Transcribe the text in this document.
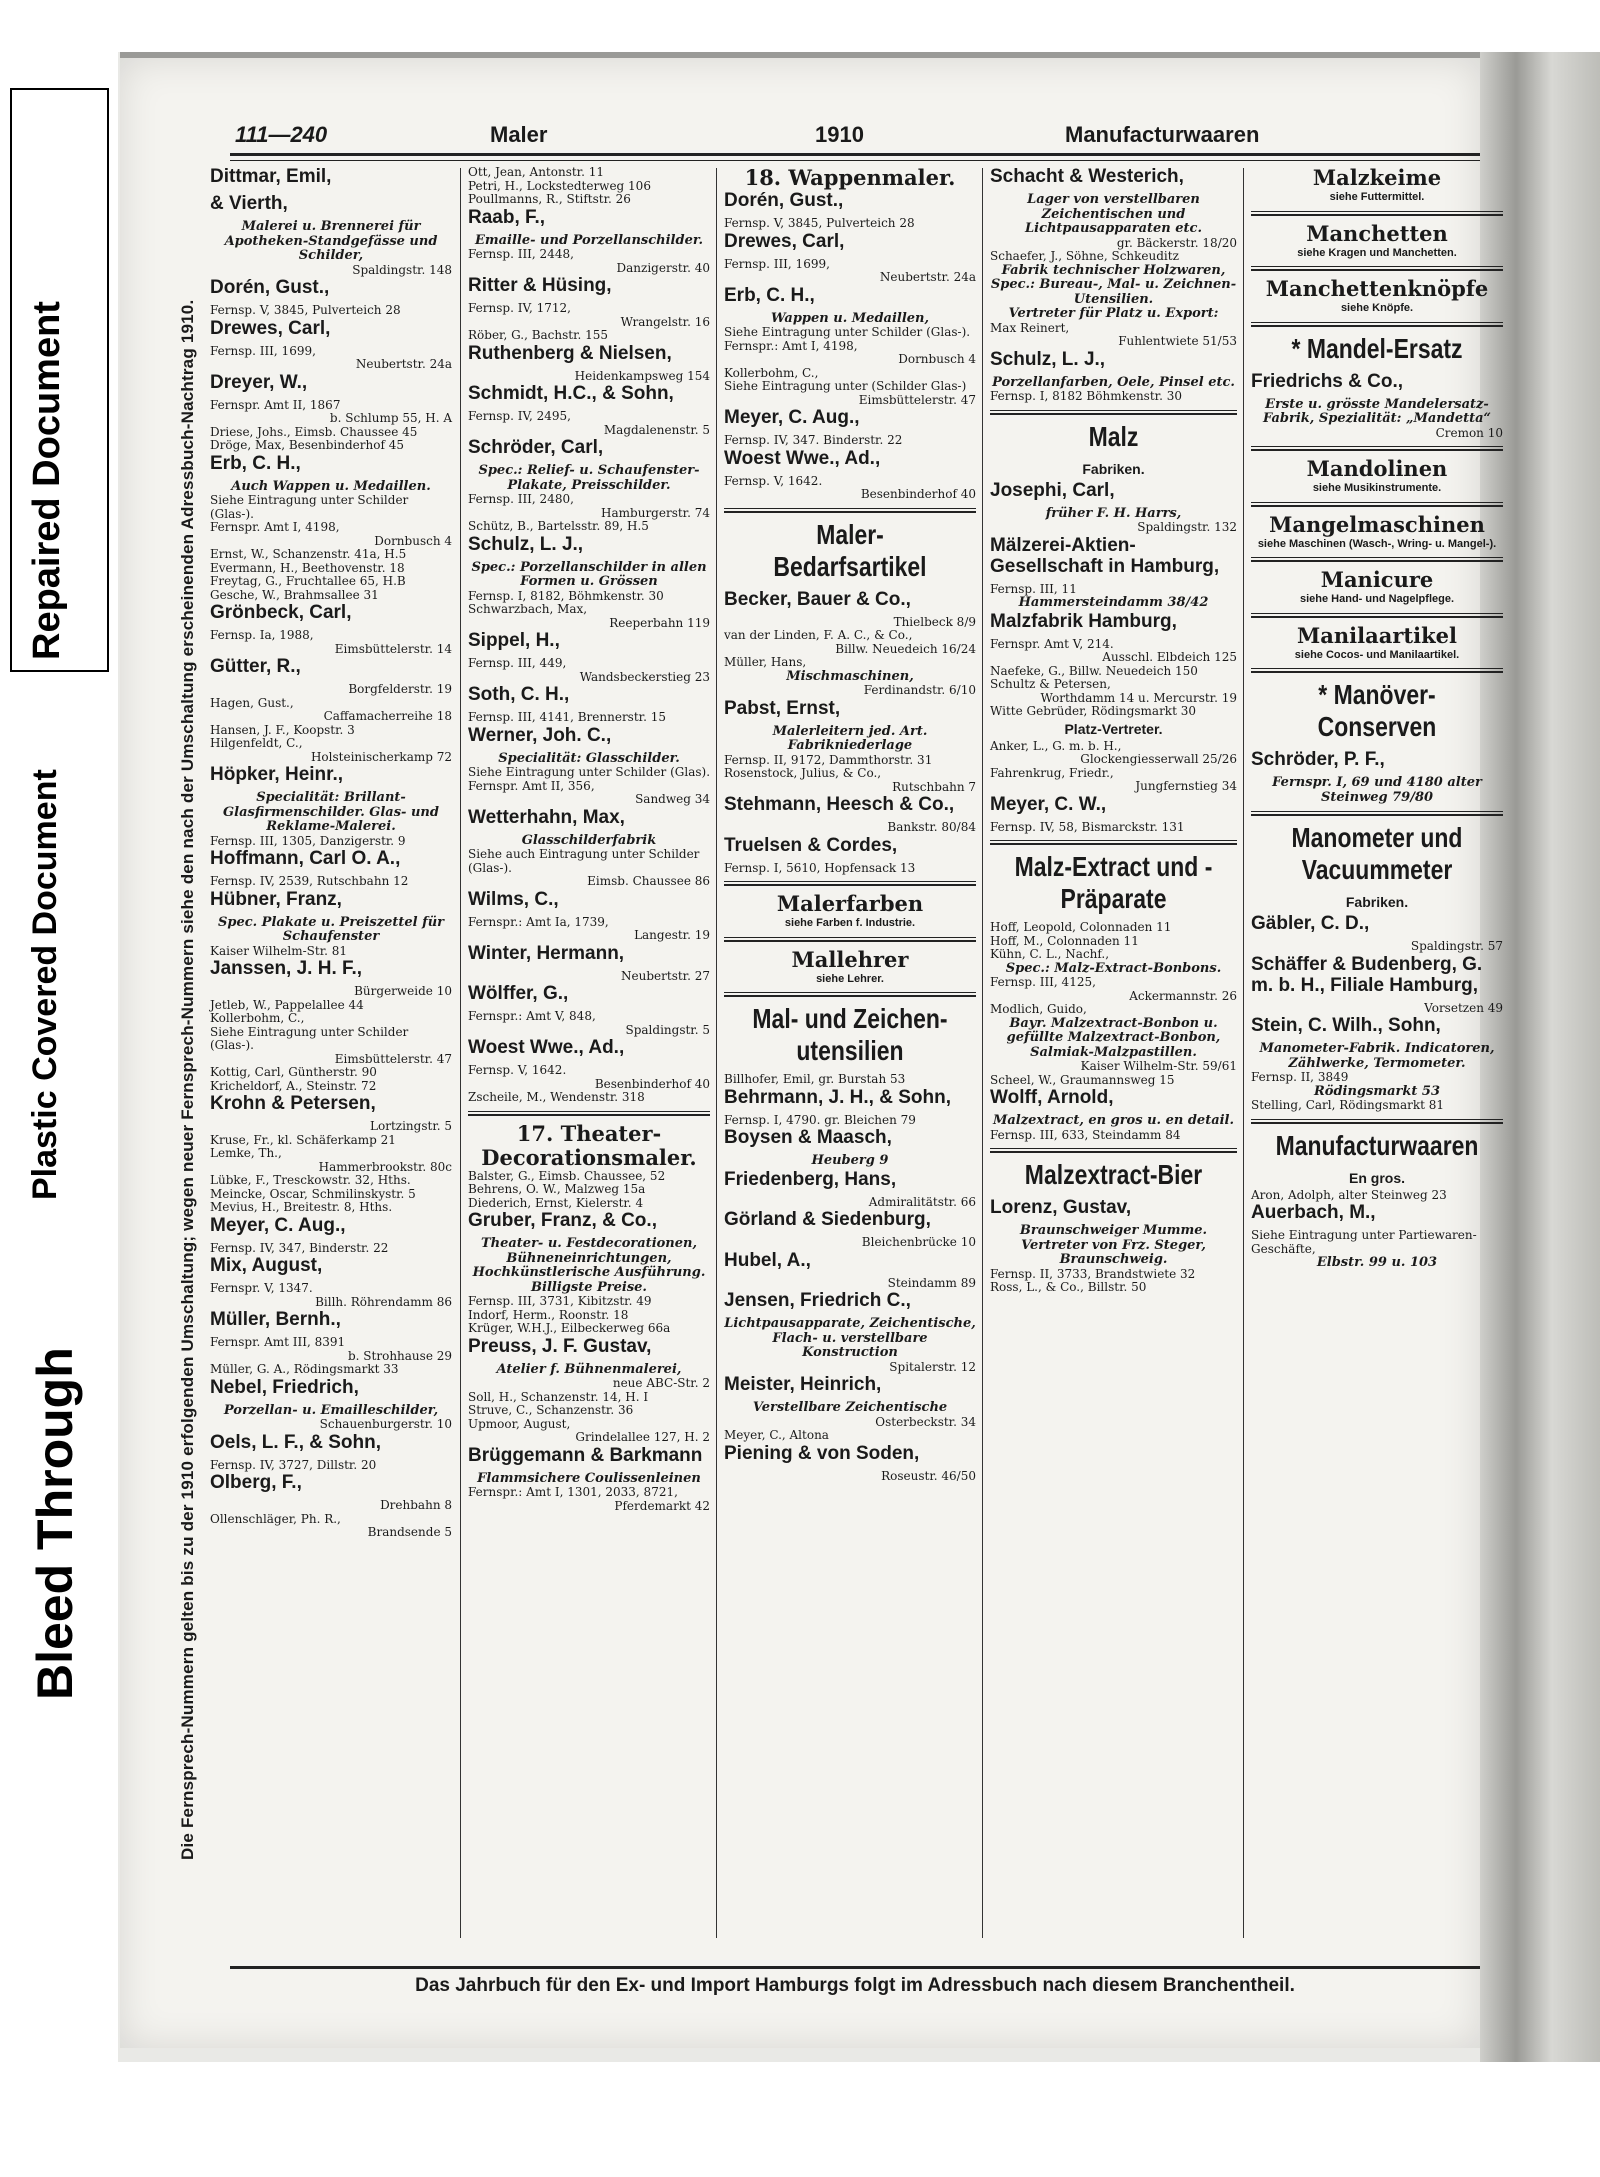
Repaired Document
Plastic Covered Document
Bleed Through
111—240	Maler	1910	Manufacturwaaren
Die Fernsprech-Nummern gelten bis zu der 1910 erfolgenden Umschaltung; wegen neuer Fernsprech-Nummern siehe den nach der Umschaltung erscheinenden Adressbuch-Nachtrag 1910.
Dittmar, Emil,
& Vierth,
Malerei u. Brennerei für Apotheken-Standgefässe und Schilder,
Spaldingstr. 148
Dorén, Gust.,
Fernsp. V, 3845, Pulverteich 28
Drewes, Carl,
Fernsp. III, 1699,
Neubertstr. 24a
Dreyer, W.,
Fernspr. Amt II, 1867
b. Schlump 55, H. A
Driese, Johs., Eimsb. Chaussee 45
Dröge, Max, Besenbinderhof 45
Erb, C. H.,
Auch Wappen u. Medaillen.
Siehe Eintragung unter Schilder (Glas-).
Fernspr. Amt I, 4198,
Dornbusch 4
Ernst, W., Schanzenstr. 41a, H.5
Evermann, H., Beethovenstr. 18
Freytag, G., Fruchtallee 65, H.B
Gesche, W., Brahmsallee 31
Grönbeck, Carl,
Fernsp. Ia, 1988,
Eimsbüttelerstr. 14
Gütter, R.,
Borgfelderstr. 19
Hagen, Gust.,
Caffamacherreihe 18
Hansen, J. F., Koopstr. 3
Hilgenfeldt, C.,
Holsteinischerkamp 72
Höpker, Heinr.,
Specialität: Brillant-Glasfirmenschilder. Glas- und Reklame-Malerei.
Fernsp. III, 1305, Danzigerstr. 9
Hoffmann, Carl O. A.,
Fernsp. IV, 2539, Rutschbahn 12
Hübner, Franz,
Spec. Plakate u. Preiszettel für Schaufenster
Kaiser Wilhelm-Str. 81
Janssen, J. H. F.,
Bürgerweide 10
Jetleb, W., Pappelallee 44
Kollerbohm, C.,
Siehe Eintragung unter Schilder (Glas-).
Eimsbüttelerstr. 47
Kottig, Carl, Güntherstr. 90
Kricheldorf, A., Steinstr. 72
Krohn & Petersen,
Lortzingstr. 5
Kruse, Fr., kl. Schäferkamp 21
Lemke, Th.,
Hammerbrookstr. 80c
Lübke, F., Tresckowstr. 32, Hths.
Meincke, Oscar, Schmilinskystr. 5
Mevius, H., Breitestr. 8, Hths.
Meyer, C. Aug.,
Fernsp. IV, 347, Binderstr. 22
Mix, August,
Fernspr. V, 1347.
Billh. Röhrendamm 86
Müller, Bernh.,
Fernspr. Amt III, 8391
b. Strohhause 29
Müller, G. A., Rödingsmarkt 33
Nebel, Friedrich,
Porzellan- u. Emailleschilder,
Schauenburgerstr. 10
Oels, L. F., & Sohn,
Fernsp. IV, 3727, Dillstr. 20
Olberg, F.,
Drehbahn 8
Ollenschläger, Ph. R.,
Brandsende 5
Ott, Jean, Antonstr. 11
Petri, H., Lockstedterweg 106
Poullmanns, R., Stiftstr. 26
Raab, F.,
Emaille- und Porzellanschilder.
Fernsp. III, 2448,
Danzigerstr. 40
Ritter & Hüsing,
Fernsp. IV, 1712,
Wrangelstr. 16
Röber, G., Bachstr. 155
Ruthenberg & Nielsen,
Heidenkampsweg 154
Schmidt, H.C., & Sohn,
Fernsp. IV, 2495,
Magdalenenstr. 5
Schröder, Carl,
Spec.: Relief- u. Schaufenster-Plakate, Preisschilder.
Fernsp. III, 2480,
Hamburgerstr. 74
Schütz, B., Bartelsstr. 89, H.5
Schulz, L. J.,
Spec.: Porzellanschilder in allen Formen u. Grössen
Fernsp. I, 8182, Böhmkenstr. 30
Schwarzbach, Max,
Reeperbahn 119
Sippel, H.,
Fernsp. III, 449,
Wandsbeckerstieg 23
Soth, C. H.,
Fernsp. III, 4141, Brennerstr. 15
Werner, Joh. C.,
Specialität: Glasschilder.
Siehe Eintragung unter Schilder (Glas).
Fernspr. Amt II, 356,
Sandweg 34
Wetterhahn, Max,
Glasschilderfabrik
Siehe auch Eintragung unter Schilder (Glas-).
Eimsb. Chaussee 86
Wilms, C.,
Fernspr.: Amt Ia, 1739,
Langestr. 19
Winter, Hermann,
Neubertstr. 27
Wölffer, G.,
Fernspr.: Amt V, 848,
Spaldingstr. 5
Woest Wwe., Ad.,
Fernsp. V, 1642.
Besenbinderhof 40
Zscheile, M., Wendenstr. 318
17. Theater- Decorationsmaler.
Balster, G., Eimsb. Chaussee, 52
Behrens, O. W., Malzweg 15a
Diederich, Ernst, Kielerstr. 4
Gruber, Franz, & Co.,
Theater- u. Festdecorationen, Bühneneinrichtungen, Hochkünstlerische Ausführung. Billigste Preise.
Fernsp. III, 3731, Kibitzstr. 49
Indorf, Herm., Roonstr. 18
Krüger, W.H.J., Eilbeckerweg 66a
Preuss, J. F. Gustav,
Atelier f. Bühnenmalerei,
neue ABC-Str. 2
Soll, H., Schanzenstr. 14, H. I
Struve, C., Schanzenstr. 36
Upmoor, August,
Grindelallee 127, H. 2
Brüggemann & Barkmann
Flammsichere Coulissenleinen
Fernspr.: Amt I, 1301, 2033, 8721,
Pferdemarkt 42
18. Wappenmaler.
Dorén, Gust.,
Fernsp. V, 3845, Pulverteich 28
Drewes, Carl,
Fernsp. III, 1699,
Neubertstr. 24a
Erb, C. H.,
Wappen u. Medaillen,
Siehe Eintragung unter Schilder (Glas-).
Fernspr.: Amt I, 4198,
Dornbusch 4
Kollerbohm, C.,
Siehe Eintragung unter (Schilder Glas-)
Eimsbüttelerstr. 47
Meyer, C. Aug.,
Fernsp. IV, 347. Binderstr. 22
Woest Wwe., Ad.,
Fernsp. V, 1642.
Besenbinderhof 40
Maler- Bedarfsartikel
Becker, Bauer & Co.,
Thielbeck 8/9
van der Linden, F. A. C., & Co.,
Billw. Neuedeich 16/24
Müller, Hans,
Mischmaschinen,
Ferdinandstr. 6/10
Pabst, Ernst,
Malerleitern jed. Art. Fabrikniederlage
Fernsp. II, 9172, Dammthorstr. 31
Rosenstock, Julius, & Co.,
Rutschbahn 7
Stehmann, Heesch & Co.,
Bankstr. 80/84
Truelsen & Cordes,
Fernsp. I, 5610, Hopfensack 13
Malerfarben
siehe Farben f. Industrie.
Mallehrer
siehe Lehrer.
Mal- und Zeichen- utensilien
Billhofer, Emil, gr. Burstah 53
Behrmann, J. H., & Sohn,
Fernsp. I, 4790. gr. Bleichen 79
Boysen & Maasch,
Heuberg 9
Friedenberg, Hans,
Admiralitätstr. 66
Görland & Siedenburg,
Bleichenbrücke 10
Hubel, A.,
Steindamm 89
Jensen, Friedrich C.,
Lichtpausapparate, Zeichentische, Flach- u. verstellbare Konstruction
Spitalerstr. 12
Meister, Heinrich,
Verstellbare Zeichentische
Osterbeckstr. 34
Meyer, C., Altona
Piening & von Soden,
Roseustr. 46/50
Schacht & Westerich,
Lager von verstellbaren Zeichentischen und Lichtpausapparaten etc.
gr. Bäckerstr. 18/20
Schaefer, J., Söhne, Schkeuditz
Fabrik technischer Holzwaren, Spec.: Bureau-, Mal- u. Zeichnen-Utensilien.
Vertreter für Platz u. Export:
Max Reinert,
Fuhlentwiete 51/53
Schulz, L. J.,
Porzellanfarben, Oele, Pinsel etc.
Fernsp. I, 8182 Böhmkenstr. 30
Malz
Fabriken.
Josephi, Carl,
früher F. H. Harrs,
Spaldingstr. 132
Mälzerei-Aktien- Gesellschaft in Hamburg,
Fernsp. III, 11
Hammersteindamm 38/42
Malzfabrik Hamburg,
Fernspr. Amt V, 214.
Ausschl. Elbdeich 125
Naefeke, G., Billw. Neuedeich 150
Schultz & Petersen,
Worthdamm 14 u. Mercurstr. 19
Witte Gebrüder, Rödingsmarkt 30
Platz-Vertreter.
Anker, L., G. m. b. H.,
Glockengiesserwall 25/26
Fahrenkrug, Friedr.,
Jungfernstieg 34
Meyer, C. W.,
Fernsp. IV, 58, Bismarckstr. 131
Malz-Extract und -Präparate
Hoff, Leopold, Colonnaden 11
Hoff, M., Colonnaden 11
Kühn, C. L., Nachf.,
Spec.: Malz-Extract-Bonbons.
Fernsp. III, 4125,
Ackermannstr. 26
Modlich, Guido,
Bayr. Malzextract-Bonbon u. gefüllte Malzextract-Bonbon, Salmiak-Malzpastillen.
Kaiser Wilhelm-Str. 59/61
Scheel, W., Graumannsweg 15
Wolff, Arnold,
Malzextract, en gros u. en detail.
Fernsp. III, 633, Steindamm 84
Malzextract-Bier
Lorenz, Gustav,
Braunschweiger Mumme.
Vertreter von Frz. Steger, Braunschweig.
Fernsp. II, 3733, Brandstwiete 32
Ross, L., & Co., Billstr. 50
Malzkeime
siehe Futtermittel.
Manchetten
siehe Kragen und Manchetten.
Manchettenknöpfe
siehe Knöpfe.
* Mandel-Ersatz
Friedrichs & Co.,
Erste u. grösste Mandelersatz-Fabrik, Spezialität: „Mandetta“
Cremon 10
Mandolinen
siehe Musikinstrumente.
Mangelmaschinen
siehe Maschinen (Wasch-, Wring- u. Mangel-).
Manicure
siehe Hand- und Nagelpflege.
Manilaartikel
siehe Cocos- und Manilaartikel.
* Manöver- Conserven
Schröder, P. F.,
Fernspr. I, 69 und 4180 alter Steinweg 79/80
Manometer und Vacuummeter
Fabriken.
Gäbler, C. D.,
Spaldingstr. 57
Schäffer & Budenberg, G. m. b. H., Filiale Hamburg,
Vorsetzen 49
Stein, C. Wilh., Sohn,
Manometer-Fabrik. Indicatoren, Zählwerke, Termometer.
Fernsp. II, 3849
Rödingsmarkt 53
Stelling, Carl, Rödingsmarkt 81
Manufacturwaaren
En gros.
Aron, Adolph, alter Steinweg 23
Auerbach, M.,
Siehe Eintragung unter Partiewaren-Geschäfte,
Elbstr. 99 u. 103
Das Jahrbuch für den Ex- und Import Hamburgs folgt im Adressbuch nach diesem Branchentheil.
